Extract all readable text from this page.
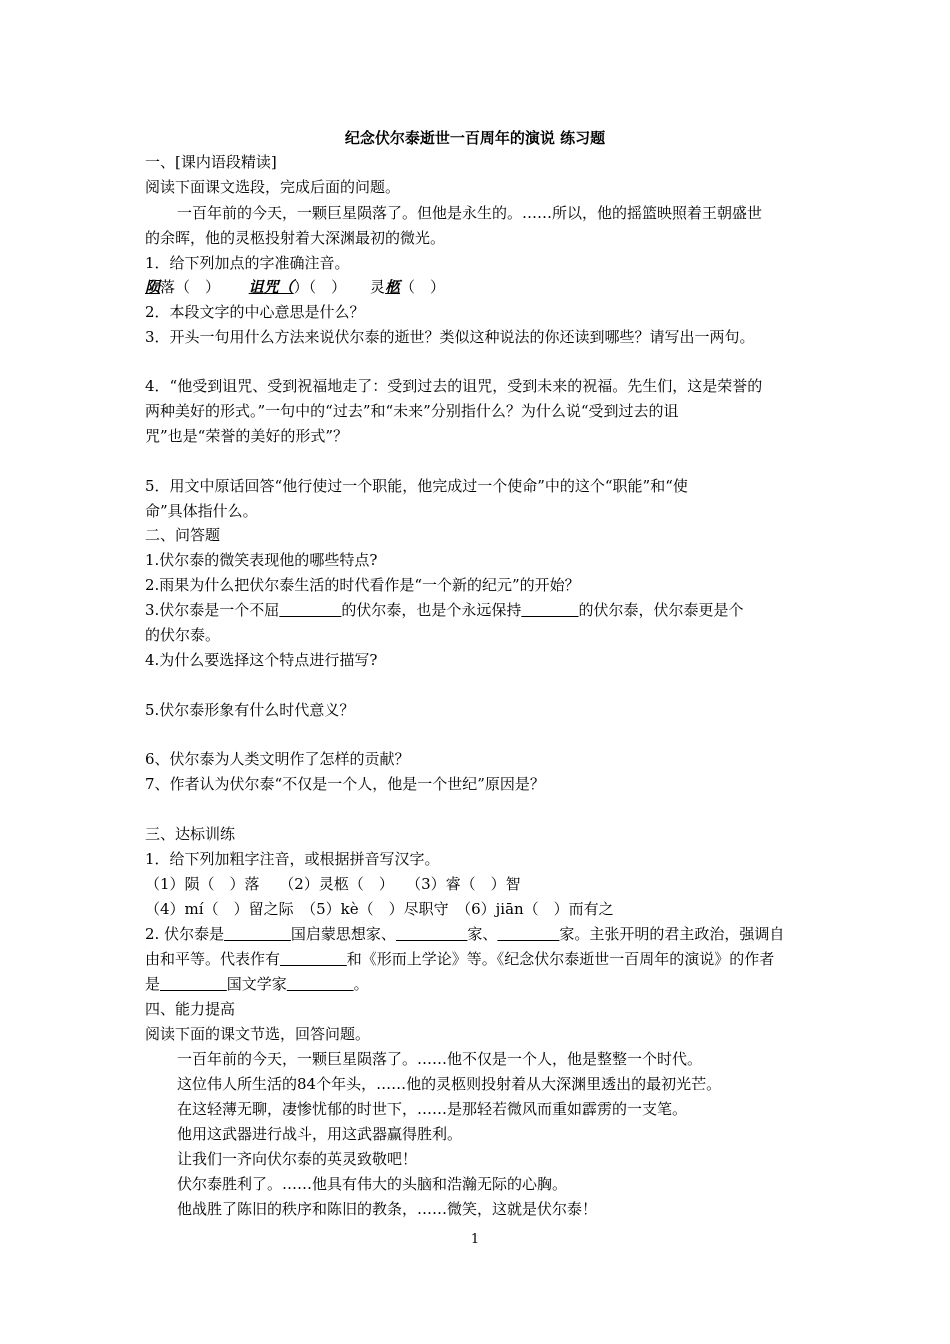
纪念伏尔泰逝世一百周年的演说 练习题
一、[课内语段精读]
阅读下面课文选段，完成后面的问题。
一百年前的今天，一颗巨星陨落了。但他是永生的。……所以，他的摇篮映照着王朝盛世
的余晖，他的灵柩投射着大深渊最初的微光。
1．给下列加点的字准确注音。
陨落（　） 诅咒（）（　） 灵柩（　）
2．本段文字的中心意思是什么？
3．开头一句用什么方法来说伏尔泰的逝世？类似这种说法的你还读到哪些？请写出一两句。
4．“他受到诅咒、受到祝福地走了：受到过去的诅咒，受到未来的祝福。先生们，这是荣誉的
两种美好的形式。”一句中的“过去”和“未来”分别指什么？为什么说“受到过去的诅
咒”也是“荣誉的美好的形式”？
5．用文中原话回答“他行使过一个职能，他完成过一个使命”中的这个“职能”和“使
命”具体指什么。
二、问答题
1.伏尔泰的微笑表现他的哪些特点?
2.雨果为什么把伏尔泰生活的时代看作是“一个新的纪元”的开始？
3.伏尔泰是一个不屈	的伏尔泰，也是个永远保持	的伏尔泰，伏尔泰更是个
的伏尔泰。
4.为什么要选择这个特点进行描写?
5.伏尔泰形象有什么时代意义？
6、伏尔泰为人类文明作了怎样的贡献？
7、作者认为伏尔泰“不仅是一个人，他是一个世纪”原因是？
三、达标训练
1．给下列加粗字注音，或根据拼音写汉字。
（1）陨（　）落　 （2）灵柩（　）　 （3）睿（　）智
（4）mí（　）留之际　（5）kè（　）尽职守　（6）jiān（　）而有之
2. 伏尔泰是	国启蒙思想家、	家、	家。主张开明的君主政治，强调自
由和平等。代表作有	和《形而上学论》等。《纪念伏尔泰逝世一百周年的演说》的作者
是	国文学家	。
四、能力提高
阅读下面的课文节选，回答问题。
一百年前的今天，一颗巨星陨落了。……他不仅是一个人，他是整整一个时代。
这位伟人所生活的84个年头，……他的灵柩则投射着从大深渊里透出的最初光芒。
在这轻薄无聊，凄惨忧郁的时世下，……是那轻若微风而重如霹雳的一支笔。
他用这武器进行战斗，用这武器赢得胜利。
让我们一齐向伏尔泰的英灵致敬吧！
伏尔泰胜利了。……他具有伟大的头脑和浩瀚无际的心胸。
他战胜了陈旧的秩序和陈旧的教条，……微笑，这就是伏尔泰！
1
